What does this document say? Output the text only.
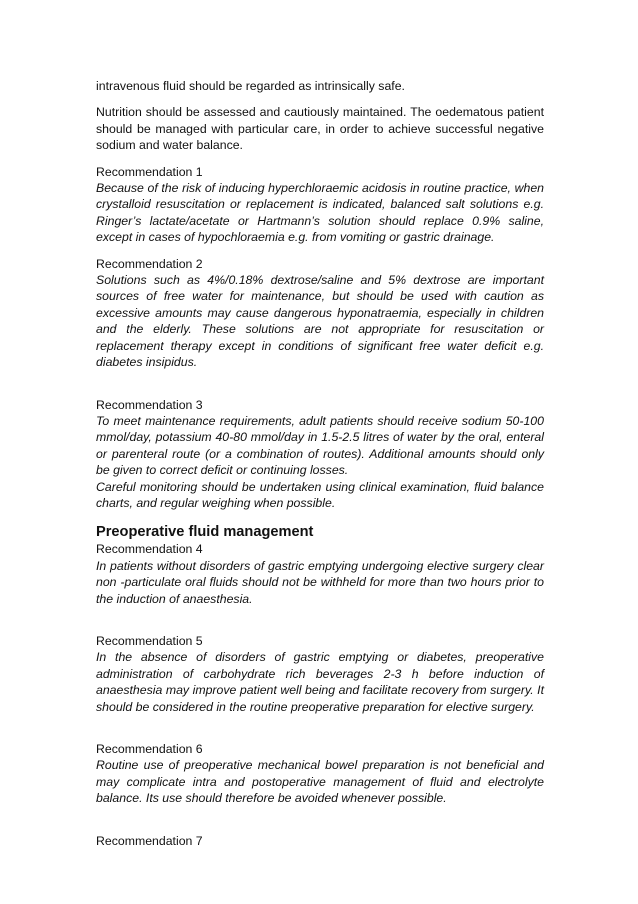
intravenous fluid should be regarded as intrinsically safe.

Nutrition should be assessed and cautiously maintained. The oedematous patient should be managed with particular care, in order to achieve successful negative sodium and water balance.

Recommendation 1

Because of the risk of inducing hyperchloraemic acidosis in routine practice, when crystalloid resuscitation or replacement is indicated, balanced salt solutions e.g. Ringer’s lactate/acetate or Hartmann’s solution should replace 0.9% saline, except in cases of hypochloraemia e.g. from vomiting or gastric drainage.

Recommendation 2

Solutions such as 4%/0.18% dextrose/saline and 5% dextrose are important sources of free water for maintenance, but should be used with caution as excessive amounts may cause dangerous hyponatraemia, especially in children and the elderly. These solutions are not appropriate for resuscitation or replacement therapy except in conditions of significant free water deficit e.g. diabetes insipidus.

Recommendation 3

To meet maintenance requirements, adult patients should receive sodium 50-100 mmol/day, potassium 40-80 mmol/day in 1.5-2.5 litres of water by the oral, enteral or parenteral route (or a combination of routes). Additional amounts should only be given to correct deficit or continuing losses.

Careful monitoring should be undertaken using clinical examination, fluid balance charts, and regular weighing when possible.

Preoperative fluid management

Recommendation 4

In patients without disorders of gastric emptying undergoing elective surgery clear non -particulate oral fluids should not be withheld for more than two hours prior to the induction of anaesthesia.

Recommendation 5

In the absence of disorders of gastric emptying or diabetes, preoperative administration of carbohydrate rich beverages 2-3 h before induction of anaesthesia may improve patient well being and facilitate recovery from surgery. It should be considered in the routine preoperative preparation for elective surgery.

Recommendation 6

Routine use of preoperative mechanical bowel preparation is not beneficial and may complicate intra and postoperative management of fluid and electrolyte balance. Its use should therefore be avoided whenever possible.

Recommendation 7
